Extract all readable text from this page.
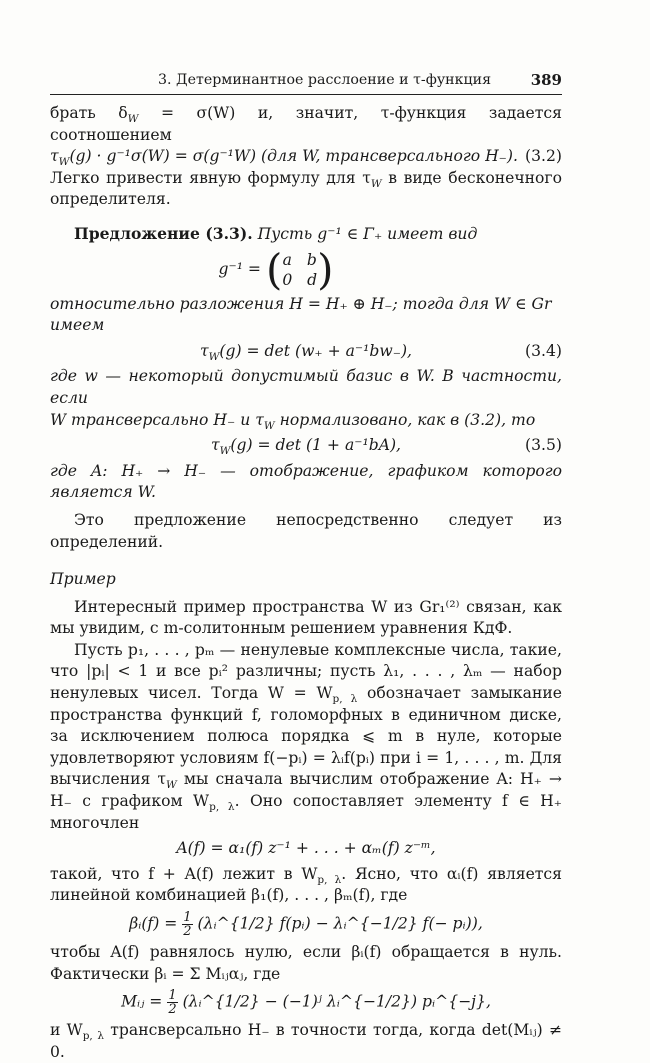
3. Детерминантное расслоение и τ-функция	389

брать $\delta_W = \sigma(W)$ и, значит, τ-функция задается соотношением

$\tau_W(g) \cdot g^{-1}\sigma(W) = \sigma(g^{-1}W)$ (для W, трансверсального H₋). (3.2)

Легко привести явную формулу для $\tau_W$ в виде бесконечного определителя.

Предложение (3.3). Пусть g⁻¹ ∈ Γ₊ имеет вид

g⁻¹ = (a b
0 d)

относительно разложения H = H₊ ⊕ H₋; тогда для W ∈ Gr

имеем

$\tau_W(g) = \det (w_+ + a^{-1}bw_-)$,	(3.4)

где w — некоторый допустимый базис в W. В частности, если

W трансверсально H₋ и $\tau_W$ нормализовано, как в (3.2), то

$\tau_W(g) = \det (1 + a^{-1}bA)$,	(3.5)

где A: H₊ → H₋ — отображение, графиком которого является W.

Это предложение непосредственно следует из определений.

Пример

Интересный пример пространства W из Gr₁⁽²⁾ связан, как мы увидим, с m-солитонным решением уравнения КдФ.

Пусть p₁, . . . , pₘ — ненулевые комплексные числа, такие, что |pᵢ| < 1 и все pᵢ² различны; пусть λ₁, . . . , λₘ — набор ненулевых чисел. Тогда $W = W_{p, \lambda}$ обозначает замыкание пространства функций f, голоморфных в единичном диске, за исключением полюса порядка ⩽ m в нуле, которые удовлетворяют условиям f(−pᵢ) = λᵢf(pᵢ) при i = 1, . . . , m. Для вычисления $\tau_W$ мы сначала вычислим отображение A: H₊ → H₋ с графиком $W_{p, \lambda}$. Оно сопоставляет элементу f ∈ H₊ многочлен

A(f) = α₁(f) z⁻¹ + . . . + αₘ(f) z⁻ᵐ,

такой, что f + A(f) лежит в $W_{p, \lambda}$. Ясно, что αᵢ(f) является линейной комбинацией β₁(f), . . . , βₘ(f), где

βᵢ(f) = $\frac{1}{2}$ (λᵢ^{1/2} f(pᵢ) − λᵢ^{−1/2} f(− pᵢ)),

чтобы A(f) равнялось нулю, если βᵢ(f) обращается в нуль. Фактически βᵢ = Σ Mᵢⱼαⱼ, где

Mᵢⱼ = $\frac{1}{2}$ (λᵢ^{1/2} − (−1)ʲ λᵢ^{−1/2}) pᵢ^{−j},

и $W_{p, \lambda}$ трансверсально H₋ в точности тогда, когда det(Mᵢⱼ) ≠ 0.
